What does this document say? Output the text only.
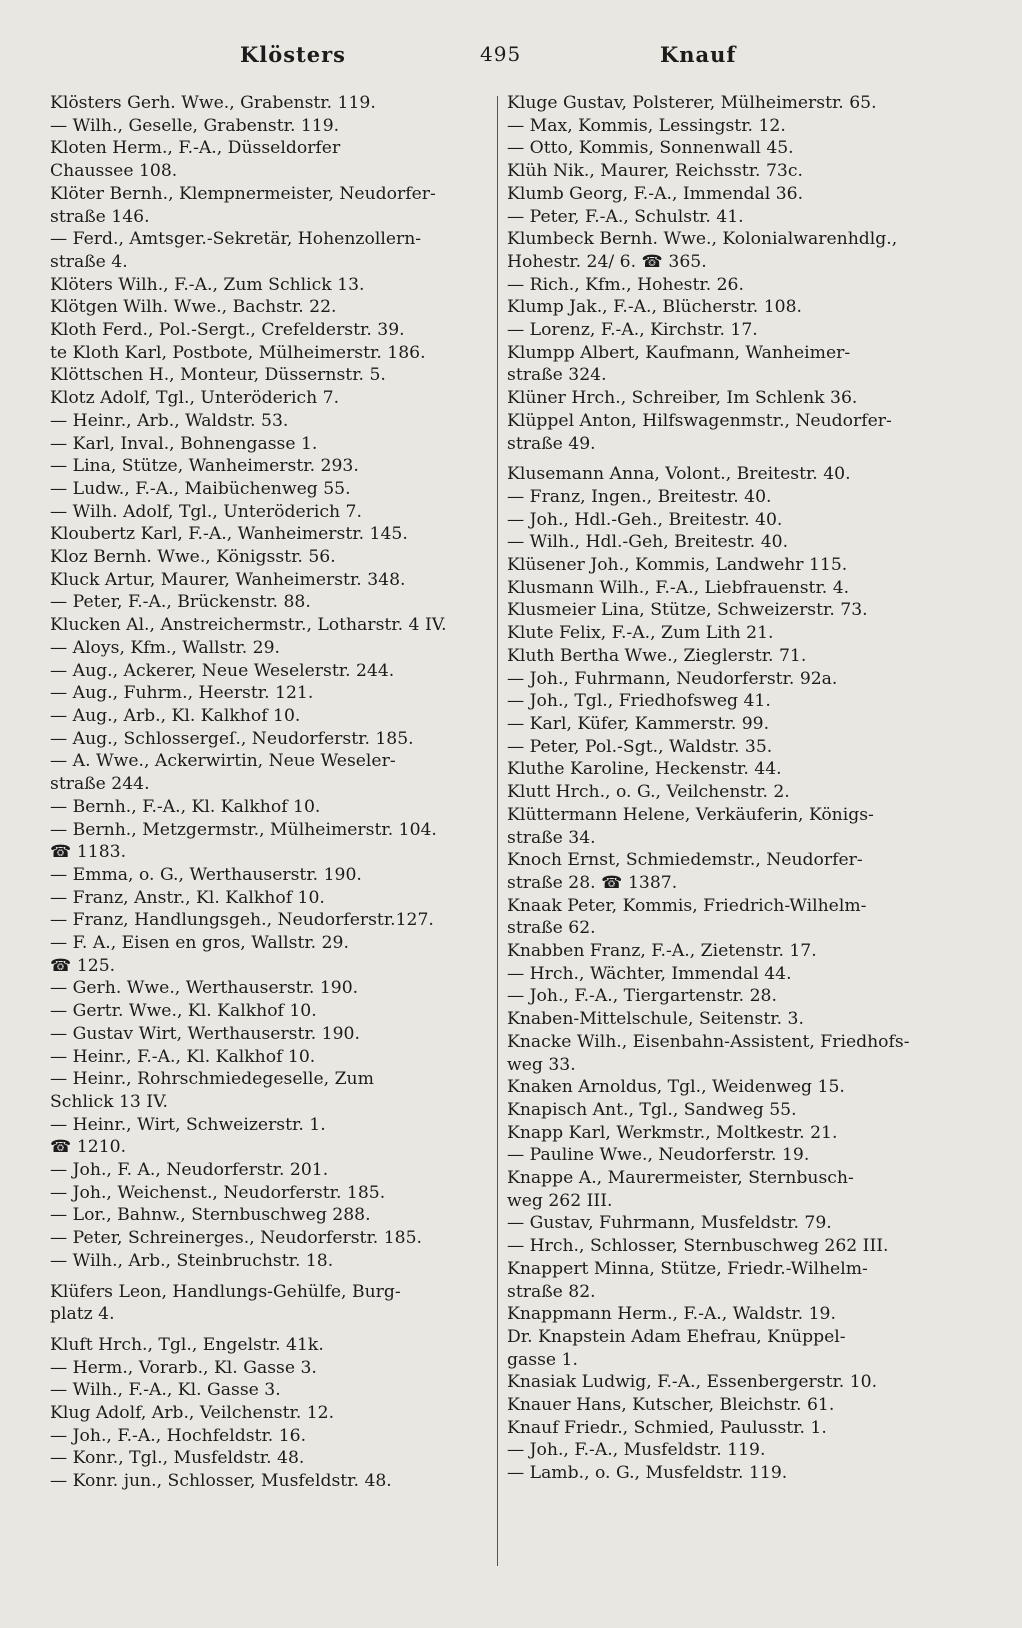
Klösters	495	Knauf
Klösters Gerh. Wwe., Grabenstr. 119.
— Wilh., Geselle, Grabenstr. 119.
Kloten Herm., F.-A., Düsseldorfer
Chaussee 108.
Klöter Bernh., Klempnermeister, Neudorfer-
straße 146.
— Ferd., Amtsger.-Sekretär, Hohenzollern-
straße 4.
Klöters Wilh., F.-A., Zum Schlick 13.
Klötgen Wilh. Wwe., Bachstr. 22.
Kloth Ferd., Pol.-Sergt., Crefelderstr. 39.
te Kloth Karl, Postbote, Mülheimerstr. 186.
Klöttschen H., Monteur, Düssernstr. 5.
Klotz Adolf, Tgl., Unteröderich 7.
— Heinr., Arb., Waldstr. 53.
— Karl, Inval., Bohnengasse 1.
— Lina, Stütze, Wanheimerstr. 293.
— Ludw., F.-A., Maibüchenweg 55.
— Wilh. Adolf, Tgl., Unteröderich 7.
Kloubertz Karl, F.-A., Wanheimerstr. 145.
Kloz Bernh. Wwe., Königsstr. 56.
Kluck Artur, Maurer, Wanheimerstr. 348.
— Peter, F.-A., Brückenstr. 88.
Klucken Al., Anstreichermstr., Lotharstr. 4 IV.
— Aloys, Kfm., Wallstr. 29.
— Aug., Ackerer, Neue Weselerstr. 244.
— Aug., Fuhrm., Heerstr. 121.
— Aug., Arb., Kl. Kalkhof 10.
— Aug., Schlossergeſ., Neudorferstr. 185.
— A. Wwe., Ackerwirtin, Neue Weseler-
straße 244.
— Bernh., F.-A., Kl. Kalkhof 10.
— Bernh., Metzgermstr., Mülheimerstr. 104.
☎ 1183.
— Emma, o. G., Werthauserstr. 190.
— Franz, Anstr., Kl. Kalkhof 10.
— Franz, Handlungsgeh., Neudorferstr.127.
— F. A., Eisen en gros, Wallstr. 29.
☎ 125.
— Gerh. Wwe., Werthauserstr. 190.
— Gertr. Wwe., Kl. Kalkhof 10.
— Gustav Wirt, Werthauserstr. 190.
— Heinr., F.-A., Kl. Kalkhof 10.
— Heinr., Rohrschmiedegeselle, Zum
Schlick 13 IV.
— Heinr., Wirt, Schweizerstr. 1.
☎ 1210.
— Joh., F. A., Neudorferstr. 201.
— Joh., Weichenst., Neudorferstr. 185.
— Lor., Bahnw., Sternbuschweg 288.
— Peter, Schreinerges., Neudorferstr. 185.
— Wilh., Arb., Steinbruchstr. 18.
Klüfers Leon, Handlungs-Gehülfe, Burg-
platz 4.
Kluft Hrch., Tgl., Engelstr. 41k.
— Herm., Vorarb., Kl. Gasse 3.
— Wilh., F.-A., Kl. Gasse 3.
Klug Adolf, Arb., Veilchenstr. 12.
— Joh., F.-A., Hochfeldstr. 16.
— Konr., Tgl., Musfeldstr. 48.
— Konr. jun., Schlosser, Musfeldstr. 48.
Kluge Gustav, Polsterer, Mülheimerstr. 65.
— Max, Kommis, Lessingstr. 12.
— Otto, Kommis, Sonnenwall 45.
Klüh Nik., Maurer, Reichsstr. 73c.
Klumb Georg, F.-A., Immendal 36.
— Peter, F.-A., Schulstr. 41.
Klumbeck Bernh. Wwe., Kolonialwarenhdlg.,
Hohestr. 24/ 6. ☎ 365.
— Rich., Kfm., Hohestr. 26.
Klump Jak., F.-A., Blücherstr. 108.
— Lorenz, F.-A., Kirchstr. 17.
Klumpp Albert, Kaufmann, Wanheimer-
straße 324.
Klüner Hrch., Schreiber, Im Schlenk 36.
Klüppel Anton, Hilfswagenmstr., Neudorfer-
straße 49.
Klusemann Anna, Volont., Breitestr. 40.
— Franz, Ingen., Breitestr. 40.
— Joh., Hdl.-Geh., Breitestr. 40.
— Wilh., Hdl.-Geh, Breitestr. 40.
Klüsener Joh., Kommis, Landwehr 115.
Klusmann Wilh., F.-A., Liebfrauenstr. 4.
Klusmeier Lina, Stütze, Schweizerstr. 73.
Klute Felix, F.-A., Zum Lith 21.
Kluth Bertha Wwe., Zieglerstr. 71.
— Joh., Fuhrmann, Neudorferstr. 92a.
— Joh., Tgl., Friedhofsweg 41.
— Karl, Küfer, Kammerstr. 99.
— Peter, Pol.-Sgt., Waldstr. 35.
Kluthe Karoline, Heckenstr. 44.
Klutt Hrch., o. G., Veilchenstr. 2.
Klüttermann Helene, Verkäuferin, Königs-
straße 34.
Knoch Ernst, Schmiedemstr., Neudorfer-
straße 28. ☎ 1387.
Knaak Peter, Kommis, Friedrich-Wilhelm-
straße 62.
Knabben Franz, F.-A., Zietenstr. 17.
— Hrch., Wächter, Immendal 44.
— Joh., F.-A., Tiergartenstr. 28.
Knaben-Mittelschule, Seitenstr. 3.
Knacke Wilh., Eisenbahn-Assistent, Friedhofs-
weg 33.
Knaken Arnoldus, Tgl., Weidenweg 15.
Knapisch Ant., Tgl., Sandweg 55.
Knapp Karl, Werkmstr., Moltkestr. 21.
— Pauline Wwe., Neudorferstr. 19.
Knappe A., Maurermeister, Sternbusch-
weg 262 III.
— Gustav, Fuhrmann, Musfeldstr. 79.
— Hrch., Schlosser, Sternbuschweg 262 III.
Knappert Minna, Stütze, Friedr.-Wilhelm-
straße 82.
Knappmann Herm., F.-A., Waldstr. 19.
Dr. Knapstein Adam Ehefrau, Knüppel-
gasse 1.
Knasiak Ludwig, F.-A., Essenbergerstr. 10.
Knauer Hans, Kutscher, Bleichstr. 61.
Knauf Friedr., Schmied, Paulusstr. 1.
— Joh., F.-A., Musfeldstr. 119.
— Lamb., o. G., Musfeldstr. 119.
